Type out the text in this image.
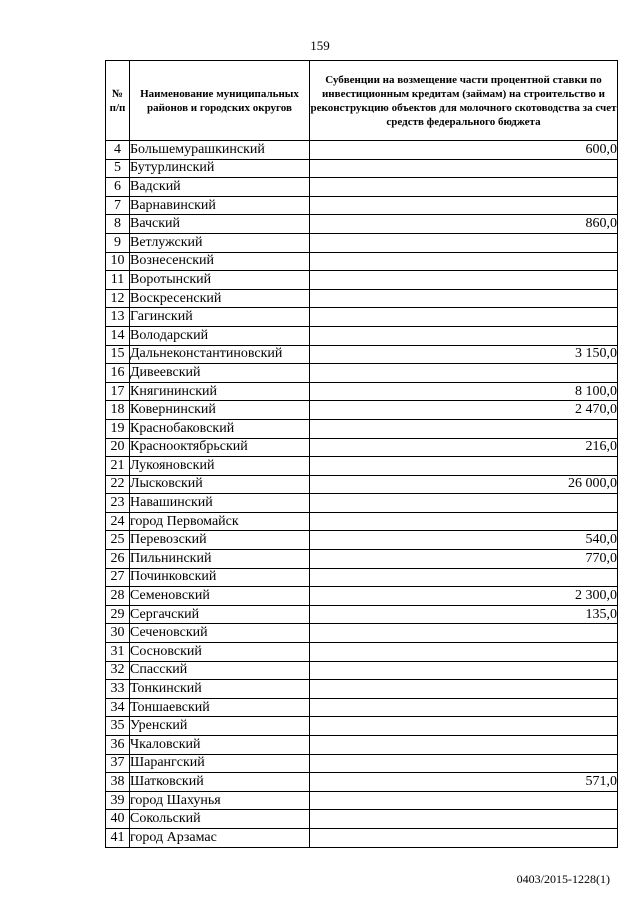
159
№
п/п	Наименование муниципальных районов и городских округов	Субвенции на возмещение части процентной ставки по инвестиционным кредитам (займам) на строительство и реконструкцию объектов для молочного скотоводства за счет средств федерального бюджета
4	Большемурашкинский	600,0
5	Бутурлинский	
6	Вадский	
7	Варнавинский	
8	Вачский	860,0
9	Ветлужский	
10	Вознесенский	
11	Воротынский	
12	Воскресенский	
13	Гагинский	
14	Володарский	
15	Дальнеконстантиновский	3 150,0
16	Дивеевский	
17	Княгининский	8 100,0
18	Ковернинский	2 470,0
19	Краснобаковский	
20	Краснооктябрьский	216,0
21	Лукояновский	
22	Лысковский	26 000,0
23	Навашинский	
24	город Первомайск	
25	Перевозский	540,0
26	Пильнинский	770,0
27	Починковский	
28	Семеновский	2 300,0
29	Сергачский	135,0
30	Сеченовский	
31	Сосновский	
32	Спасский	
33	Тонкинский	
34	Тоншаевский	
35	Уренский	
36	Чкаловский	
37	Шарангский	
38	Шатковский	571,0
39	город Шахунья	
40	Сокольский	
41	город Арзамас	
0403/2015-1228(1)
